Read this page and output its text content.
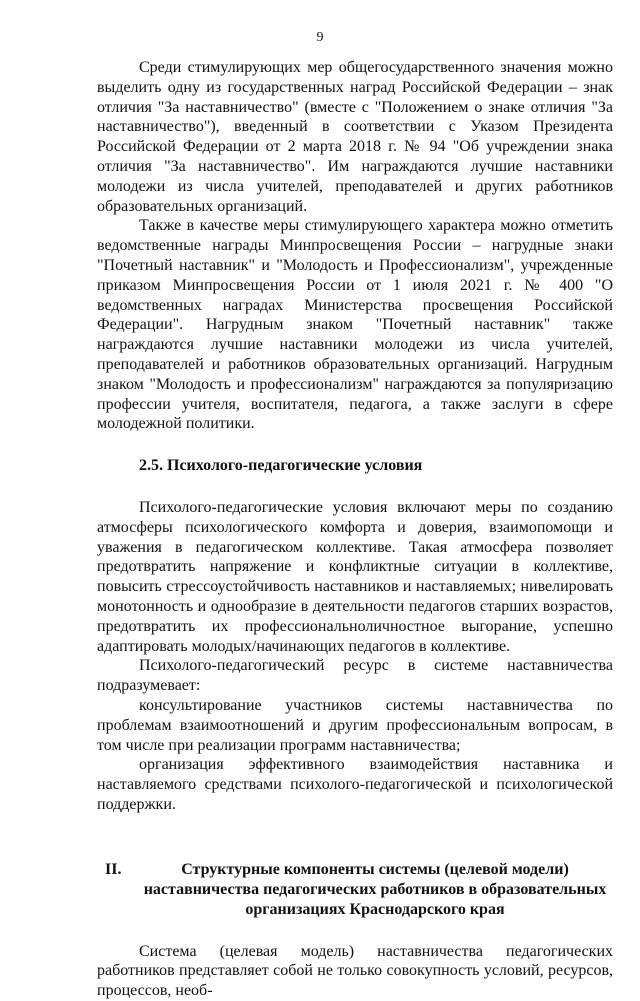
9

Среди стимулирующих мер общегосударственного значения можно выделить одну из государственных наград Российской Федерации – знак отличия "За наставничество" (вместе с "Положением о знаке отличия "За наставничество"), введенный в соответствии с Указом Президента Российской Федерации от 2 марта 2018 г. № 94 "Об учреждении знака отличия "За наставничество". Им награждаются лучшие наставники молодежи из числа учителей, преподавателей и других работников образовательных организаций.

Также в качестве меры стимулирующего характера можно отметить ведомственные награды Минпросвещения России – нагрудные знаки "Почетный наставник" и "Молодость и Профессионализм", учрежденные приказом Минпросвещения России от 1 июля 2021 г. № 400 "О ведомственных наградах Министерства просвещения Российской Федерации". Нагрудным знаком "Почетный наставник" также награждаются лучшие наставники молодежи из числа учителей, преподавателей и работников образовательных организаций. Нагрудным знаком "Молодость и профессионализм" награждаются за популяризацию профессии учителя, воспитателя, педагога, а также заслуги в сфере молодежной политики.

2.5. Психолого-педагогические условия

Психолого-педагогические условия включают меры по созданию атмосферы психологического комфорта и доверия, взаимопомощи и уважения в педагогическом коллективе. Такая атмосфера позволяет предотвратить напряжение и конфликтные ситуации в коллективе, повысить стрессоустойчивость наставников и наставляемых; нивелировать монотонность и однообразие в деятельности педагогов старших возрастов, предотвратить их профессиональноличностное выгорание, успешно адаптировать молодых/начинающих педагогов в коллективе.

Психолого-педагогический ресурс в системе наставничества подразумевает:

консультирование участников системы наставничества по проблемам взаимоотношений и другим профессиональным вопросам, в том числе при реализации программ наставничества;

организация эффективного взаимодействия наставника и наставляемого средствами психолого-педагогической и психологической поддержки.

II.	Структурные компоненты системы (целевой модели) наставничества педагогических работников в образовательных организациях Краснодарского края

Система (целевая модель) наставничества педагогических работников представляет собой не только совокупность условий, ресурсов, процессов, необ-
